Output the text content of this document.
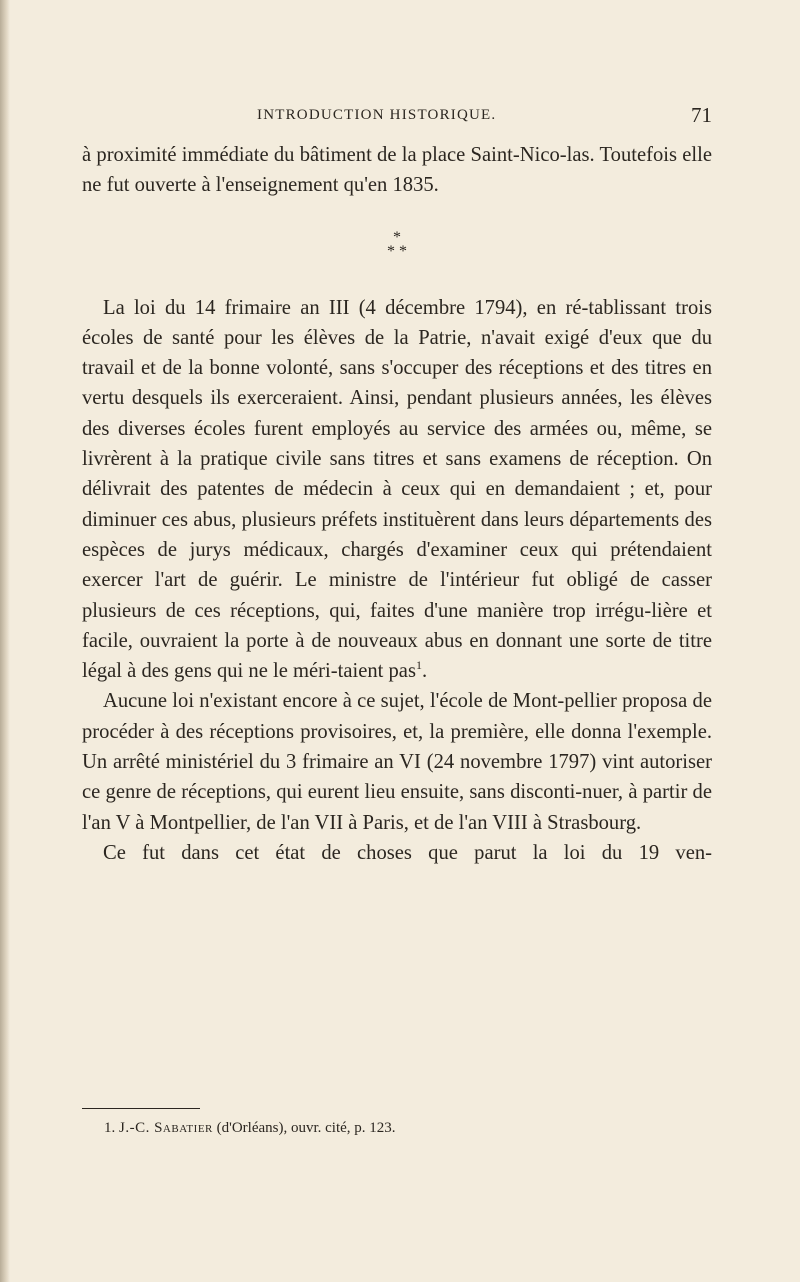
INTRODUCTION HISTORIQUE.	71

à proximité immédiate du bâtiment de la place Saint-Nico-las. Toutefois elle ne fut ouverte à l'enseignement qu'en 1835.

*
* *

La loi du 14 frimaire an III (4 décembre 1794), en ré-tablissant trois écoles de santé pour les élèves de la Patrie, n'avait exigé d'eux que du travail et de la bonne volonté, sans s'occuper des réceptions et des titres en vertu desquels ils exerceraient. Ainsi, pendant plusieurs années, les élèves des diverses écoles furent employés au service des armées ou, même, se livrèrent à la pratique civile sans titres et sans examens de réception. On délivrait des patentes de médecin à ceux qui en demandaient ; et, pour diminuer ces abus, plusieurs préfets instituèrent dans leurs départements des espèces de jurys médicaux, chargés d'examiner ceux qui prétendaient exercer l'art de guérir. Le ministre de l'intérieur fut obligé de casser plusieurs de ces réceptions, qui, faites d'une manière trop irrégu-lière et facile, ouvraient la porte à de nouveaux abus en donnant une sorte de titre légal à des gens qui ne le méri-taient pas$^1$.

Aucune loi n'existant encore à ce sujet, l'école de Mont-pellier proposa de procéder à des réceptions provisoires, et, la première, elle donna l'exemple. Un arrêté ministériel du 3 frimaire an VI (24 novembre 1797) vint autoriser ce genre de réceptions, qui eurent lieu ensuite, sans disconti-nuer, à partir de l'an V à Montpellier, de l'an VII à Paris, et de l'an VIII à Strasbourg.

Ce fut dans cet état de choses que parut la loi du 19 ven-

1. J.-C. Sabatier (d'Orléans), ouvr. cité, p. 123.
